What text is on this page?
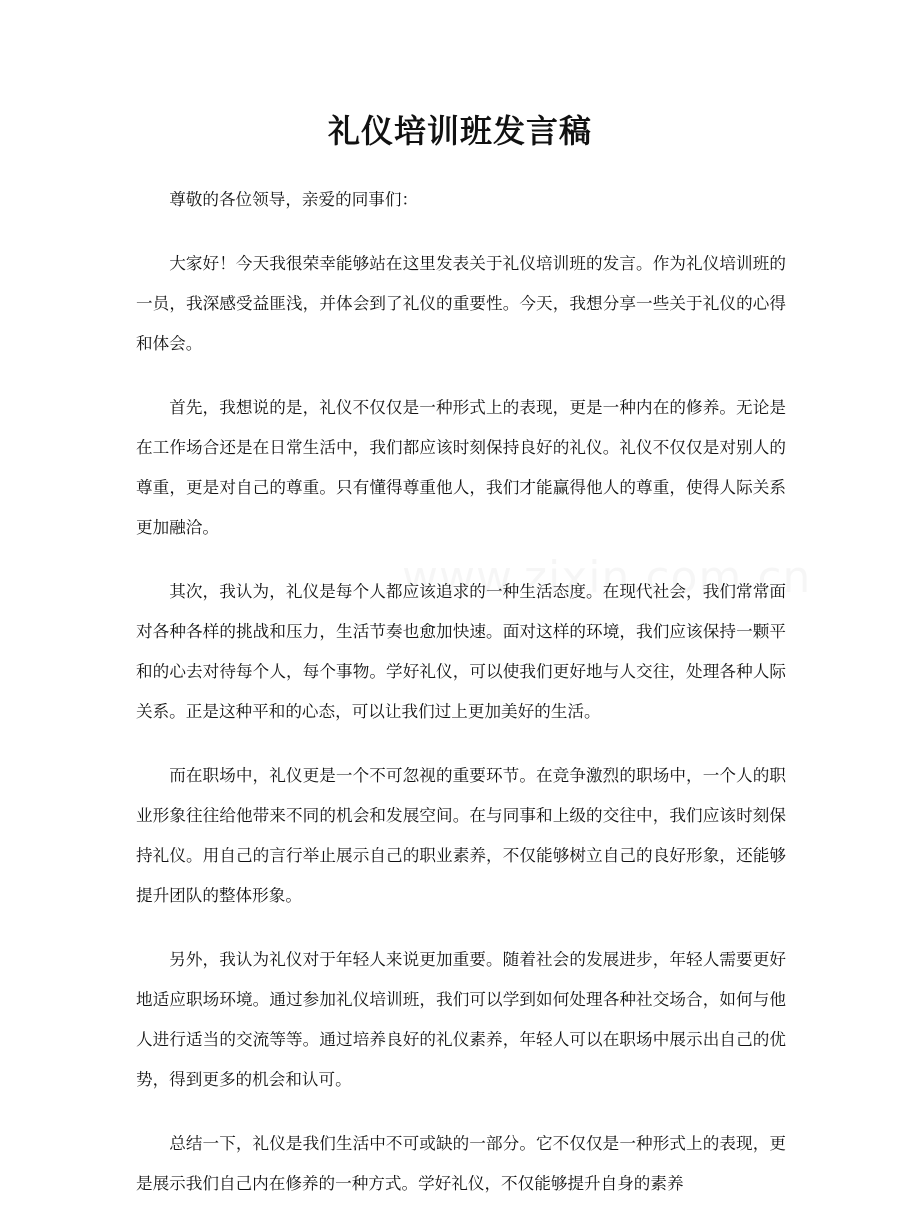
礼仪培训班发言稿

尊敬的各位领导，亲爱的同事们：

大家好！今天我很荣幸能够站在这里发表关于礼仪培训班的发言。作为礼仪培训班的一员，我深感受益匪浅，并体会到了礼仪的重要性。今天，我想分享一些关于礼仪的心得和体会。

首先，我想说的是，礼仪不仅仅是一种形式上的表现，更是一种内在的修养。无论是在工作场合还是在日常生活中，我们都应该时刻保持良好的礼仪。礼仪不仅仅是对别人的尊重，更是对自己的尊重。只有懂得尊重他人，我们才能赢得他人的尊重，使得人际关系更加融洽。

其次，我认为，礼仪是每个人都应该追求的一种生活态度。在现代社会，我们常常面对各种各样的挑战和压力，生活节奏也愈加快速。面对这样的环境，我们应该保持一颗平和的心去对待每个人，每个事物。学好礼仪，可以使我们更好地与人交往，处理各种人际关系。正是这种平和的心态，可以让我们过上更加美好的生活。

而在职场中，礼仪更是一个不可忽视的重要环节。在竞争激烈的职场中，一个人的职业形象往往给他带来不同的机会和发展空间。在与同事和上级的交往中，我们应该时刻保持礼仪。用自己的言行举止展示自己的职业素养，不仅能够树立自己的良好形象，还能够提升团队的整体形象。

另外，我认为礼仪对于年轻人来说更加重要。随着社会的发展进步，年轻人需要更好地适应职场环境。通过参加礼仪培训班，我们可以学到如何处理各种社交场合，如何与他人进行适当的交流等等。通过培养良好的礼仪素养，年轻人可以在职场中展示出自己的优势，得到更多的机会和认可。

总结一下，礼仪是我们生活中不可或缺的一部分。它不仅仅是一种形式上的表现，更是展示我们自己内在修养的一种方式。学好礼仪，不仅能够提升自身的素养
